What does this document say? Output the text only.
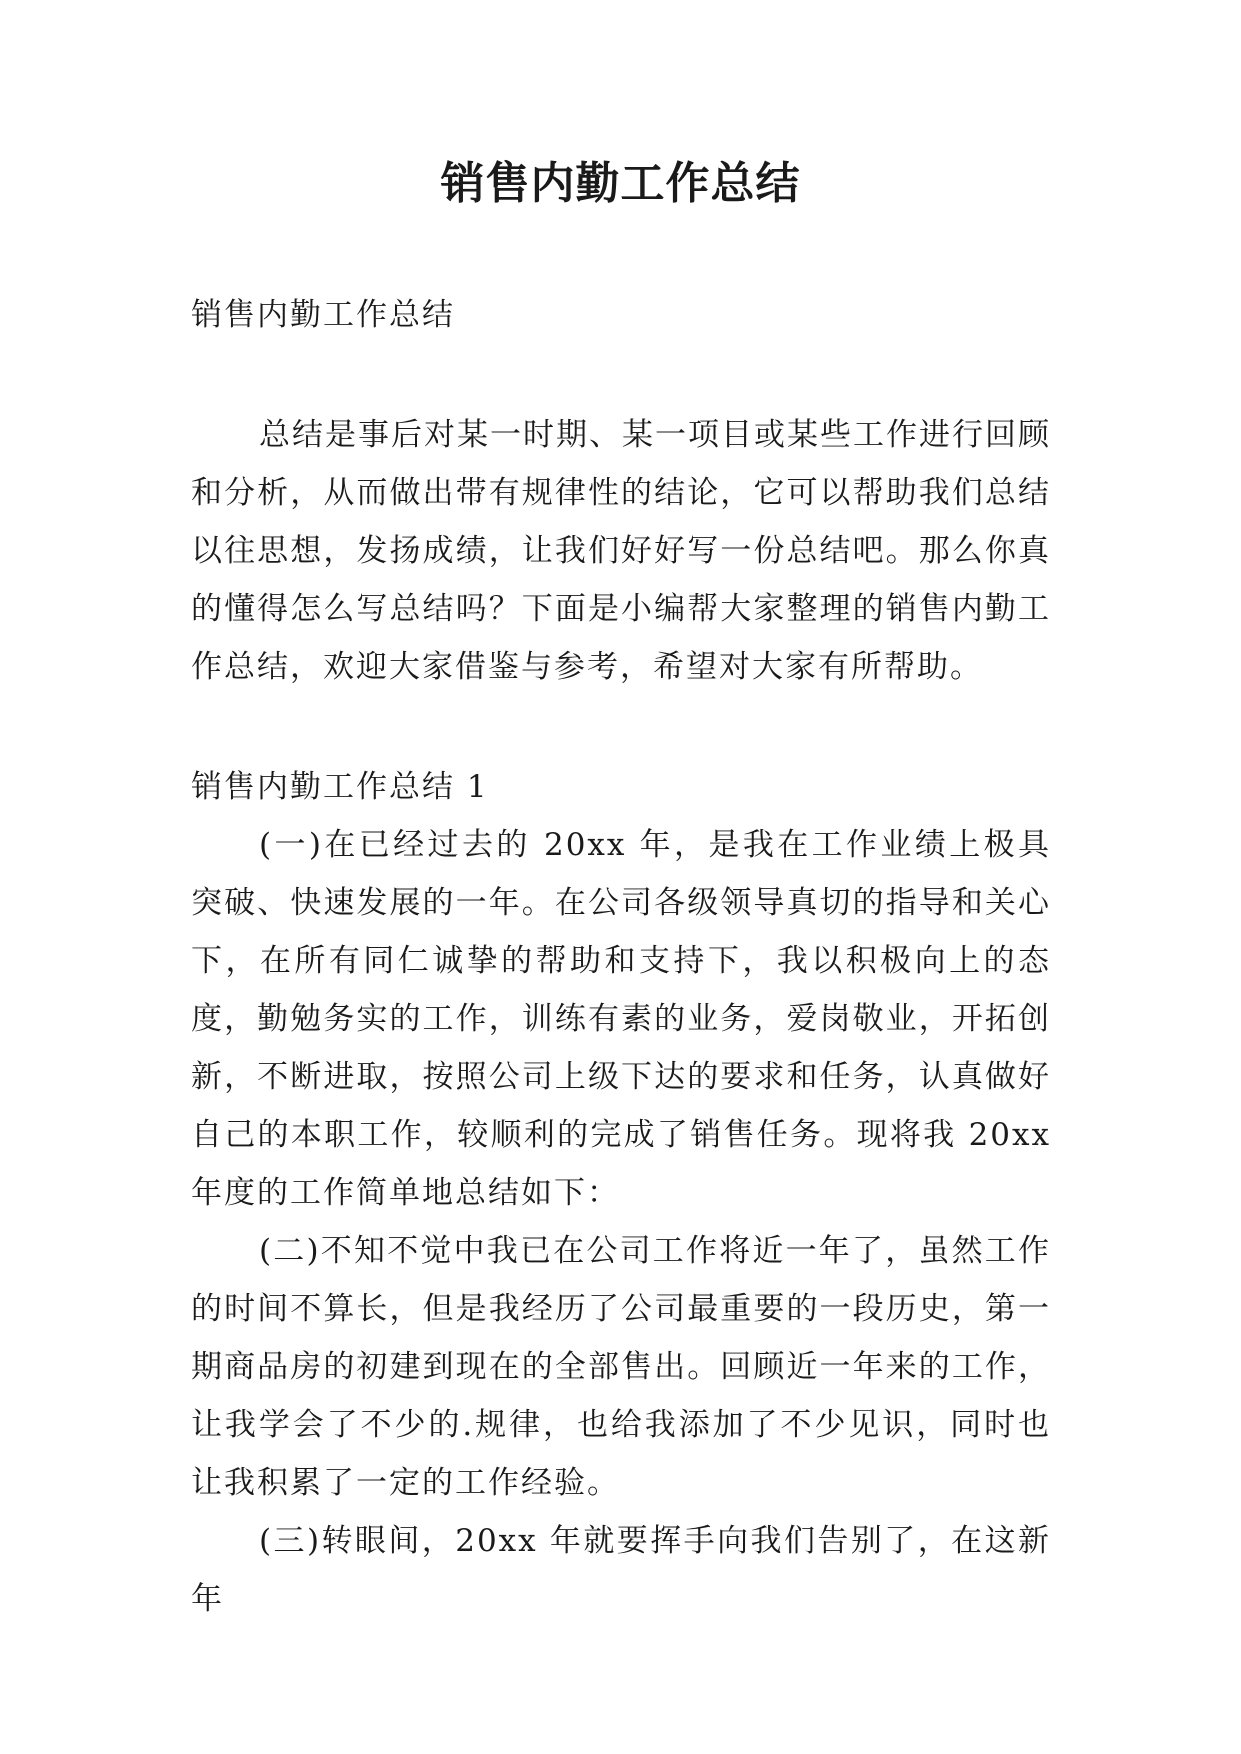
销售内勤工作总结

销售内勤工作总结

总结是事后对某一时期、某一项目或某些工作进行回顾和分析，从而做出带有规律性的结论，它可以帮助我们总结以往思想，发扬成绩，让我们好好写一份总结吧。那么你真的懂得怎么写总结吗？下面是小编帮大家整理的销售内勤工作总结，欢迎大家借鉴与参考，希望对大家有所帮助。

销售内勤工作总结 1

(一)在已经过去的 20xx 年，是我在工作业绩上极具突破、快速发展的一年。在公司各级领导真切的指导和关心下，在所有同仁诚挚的帮助和支持下，我以积极向上的态度，勤勉务实的工作，训练有素的业务，爱岗敬业，开拓创新，不断进取，按照公司上级下达的要求和任务，认真做好自己的本职工作，较顺利的完成了销售任务。现将我 20xx 年度的工作简单地总结如下：

(二)不知不觉中我已在公司工作将近一年了，虽然工作的时间不算长，但是我经历了公司最重要的一段历史，第一期商品房的初建到现在的全部售出。回顾近一年来的工作，让我学会了不少的.规律，也给我添加了不少见识，同时也让我积累了一定的工作经验。

(三)转眼间，20xx 年就要挥手向我们告别了，在这新年
